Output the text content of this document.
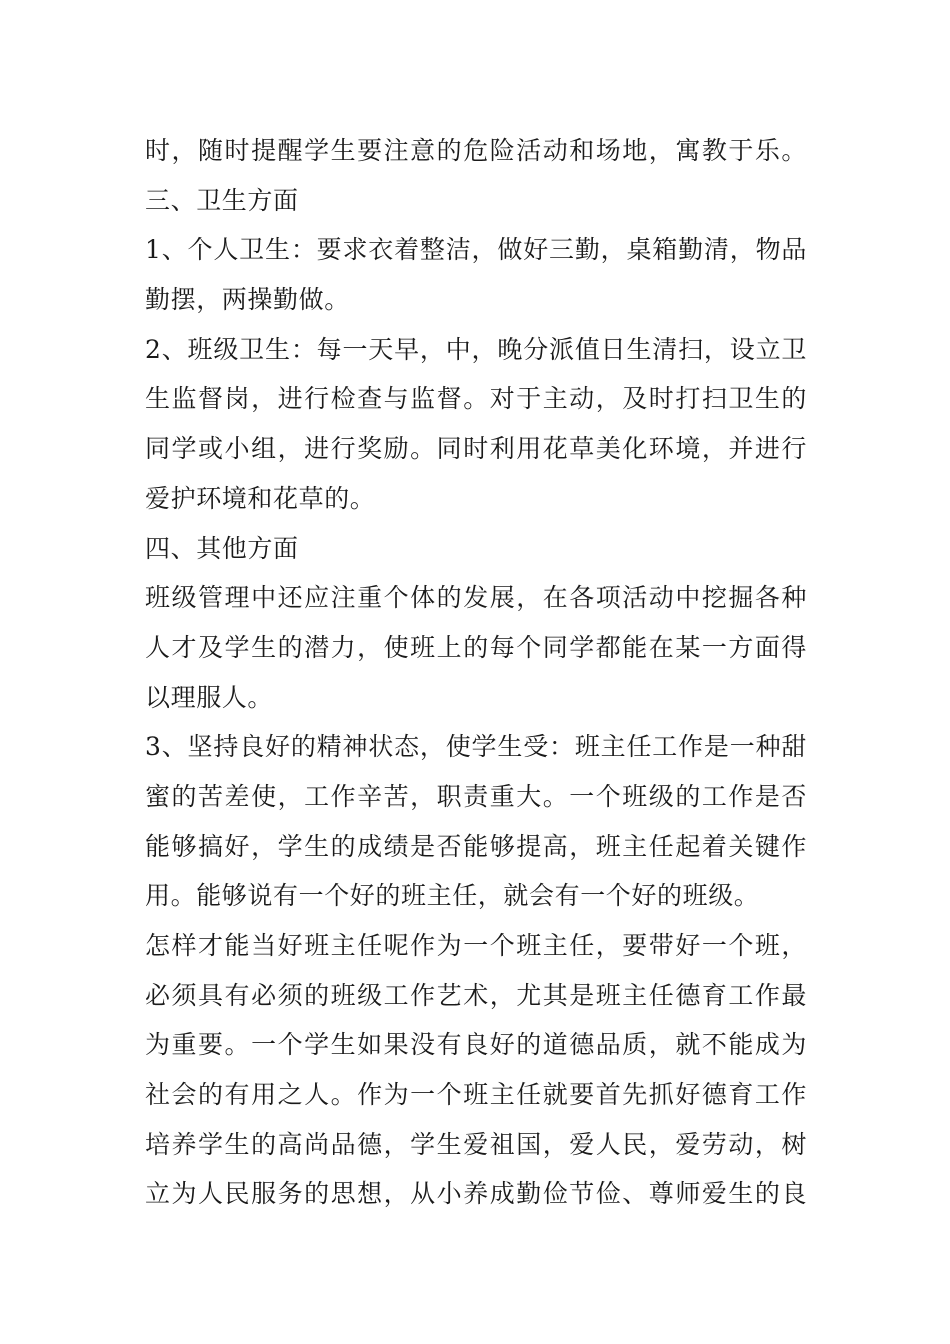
时，随时提醒学生要注意的危险活动和场地，寓教于乐。
三、卫生方面
1、个人卫生：要求衣着整洁，做好三勤，桌箱勤清，物品
勤摆，两操勤做。
2、班级卫生：每一天早，中，晚分派值日生清扫，设立卫
生监督岗，进行检查与监督。对于主动，及时打扫卫生的
同学或小组，进行奖励。同时利用花草美化环境，并进行
爱护环境和花草的。
四、其他方面
班级管理中还应注重个体的发展，在各项活动中挖掘各种
人才及学生的潜力，使班上的每个同学都能在某一方面得
以理服人。
3、坚持良好的精神状态，使学生受：班主任工作是一种甜
蜜的苦差使，工作辛苦，职责重大。一个班级的工作是否
能够搞好，学生的成绩是否能够提高，班主任起着关键作
用。能够说有一个好的班主任，就会有一个好的班级。
怎样才能当好班主任呢作为一个班主任，要带好一个班，
必须具有必须的班级工作艺术，尤其是班主任德育工作最
为重要。一个学生如果没有良好的道德品质，就不能成为
社会的有用之人。作为一个班主任就要首先抓好德育工作
培养学生的高尚品德，学生爱祖国，爱人民，爱劳动，树
立为人民服务的思想，从小养成勤俭节俭、尊师爱生的良
